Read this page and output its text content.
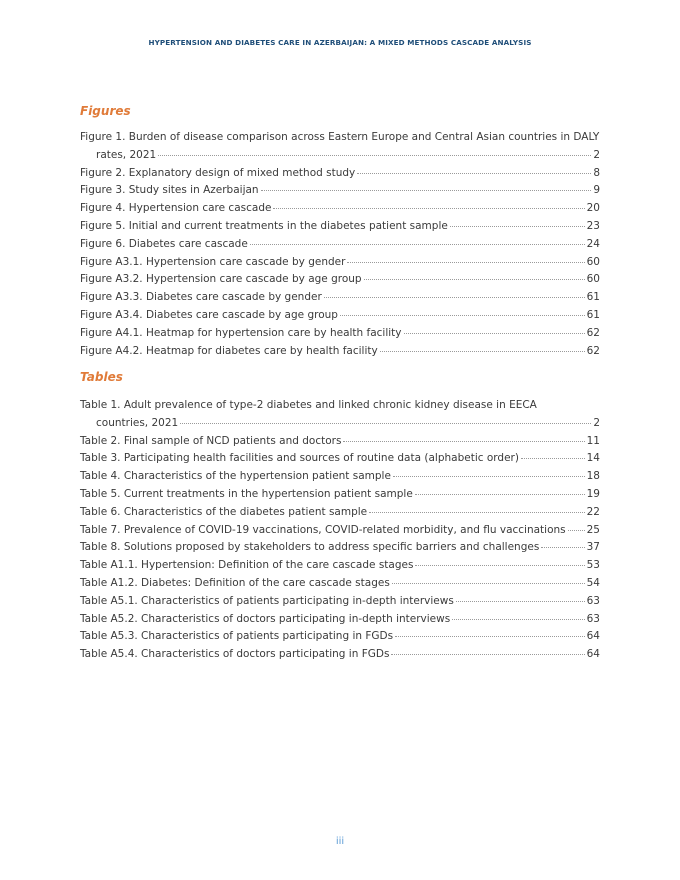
HYPERTENSION AND DIABETES CARE IN AZERBAIJAN: A MIXED METHODS CASCADE ANALYSIS
Figures
Figure 1. Burden of disease comparison across Eastern Europe and Central Asian countries in DALY
rates, 2021	2
Figure 2. Explanatory design of mixed method study	8
Figure 3. Study sites in Azerbaijan	9
Figure 4. Hypertension care cascade	20
Figure 5. Initial and current treatments in the diabetes patient sample	23
Figure 6. Diabetes care cascade	24
Figure A3.1. Hypertension care cascade by gender	60
Figure A3.2. Hypertension care cascade by age group	60
Figure A3.3. Diabetes care cascade by gender	61
Figure A3.4. Diabetes care cascade by age group	61
Figure A4.1. Heatmap for hypertension care by health facility	62
Figure A4.2. Heatmap for diabetes care by health facility	62
Tables
Table 1. Adult prevalence of type-2 diabetes and linked chronic kidney disease in EECA
countries, 2021	2
Table 2. Final sample of NCD patients and doctors	11
Table 3. Participating health facilities and sources of routine data (alphabetic order)	14
Table 4. Characteristics of the hypertension patient sample	18
Table 5. Current treatments in the hypertension patient sample	19
Table 6. Characteristics of the diabetes patient sample	22
Table 7. Prevalence of COVID-19 vaccinations, COVID-related morbidity, and flu vaccinations 25
Table 8. Solutions proposed by stakeholders to address specific barriers and challenges	37
Table A1.1. Hypertension: Definition of the care cascade stages	53
Table A1.2. Diabetes: Definition of the care cascade stages	54
Table A5.1. Characteristics of patients participating in-depth interviews	63
Table A5.2. Characteristics of doctors participating in-depth interviews	63
Table A5.3. Characteristics of patients participating in FGDs	64
Table A5.4. Characteristics of doctors participating in FGDs	64
iii
